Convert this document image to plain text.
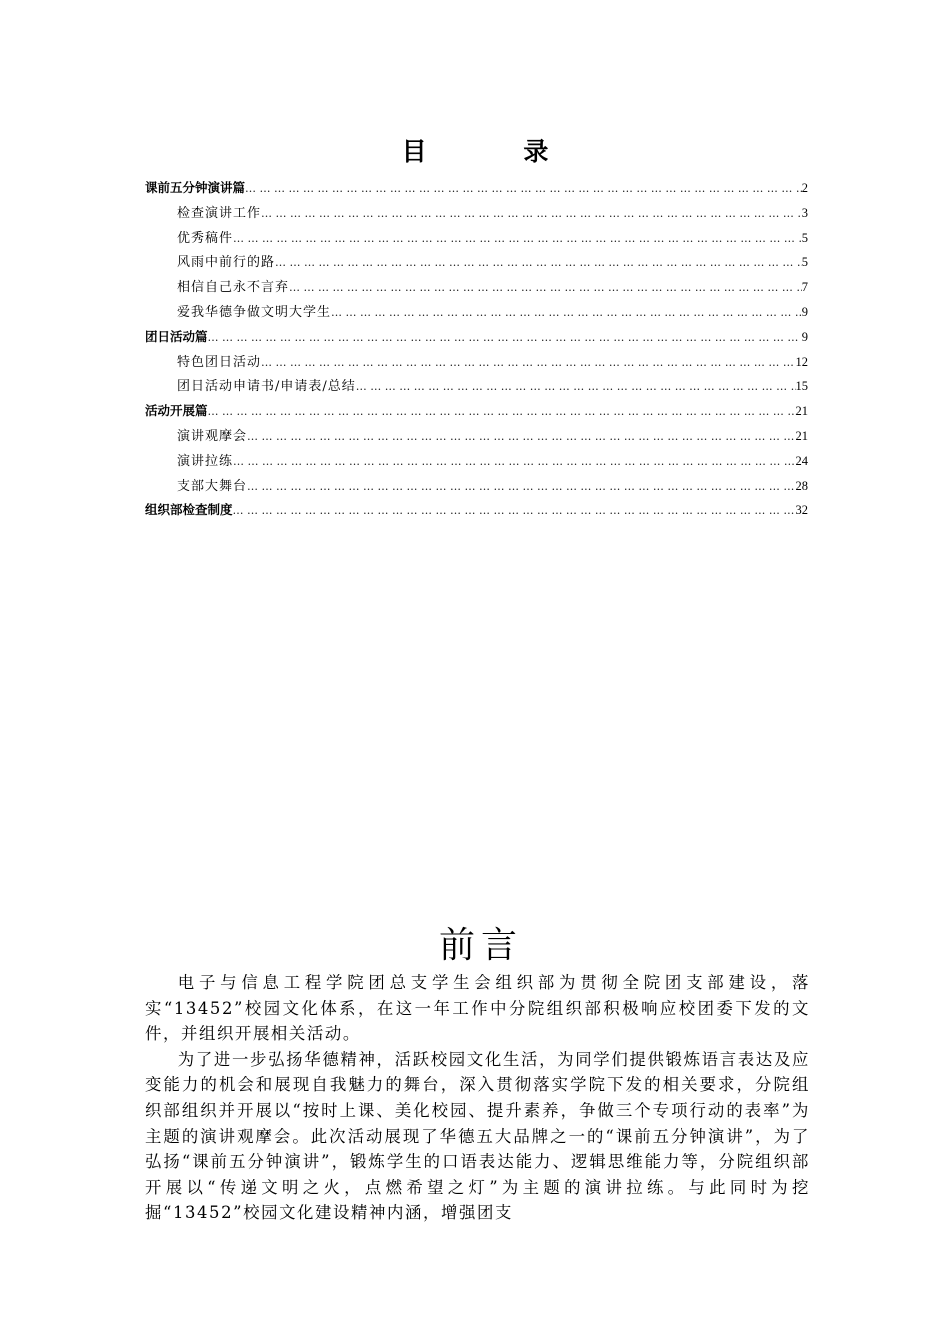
目 录
课前五分钟演讲篇 … … … … … … … … … … … … … … … … … … … … … … … … … … … … … … … … … … … … … … … … … … … … … … … … … … … … … … … … … … … … … … … … … … … … … … … … … …	2
检查演讲工作 … … … … … … … … … … … … … … … … … … … … … … … … … … … … … … … … … … … … … … … … … … … … … … … … … … … … … … … … … … … … … … … … … … … … … … … … … …	3
优秀稿件 … … … … … … … … … … … … … … … … … … … … … … … … … … … … … … … … … … … … … … … … … … … … … … … … … … … … … … … … … … … … … … … … … … … … … … … … … …	5
风雨中前行的路 … … … … … … … … … … … … … … … … … … … … … … … … … … … … … … … … … … … … … … … … … … … … … … … … … … … … … … … … … … … … … … … … … … … … … … … … … …	5
相信自己永不言弃 … … … … … … … … … … … … … … … … … … … … … … … … … … … … … … … … … … … … … … … … … … … … … … … … … … … … … … … … … … … … … … … … … … … … … … … … … …	7
爱我华德争做文明大学生 … … … … … … … … … … … … … … … … … … … … … … … … … … … … … … … … … … … … … … … … … … … … … … … … … … … … … … … … … … … … … … … … … … … … … … … … … …	9
团日活动篇 … … … … … … … … … … … … … … … … … … … … … … … … … … … … … … … … … … … … … … … … … … … … … … … … … … … … … … … … … … … … … … … … … … … … … … … … … …	9
特色团日活动 … … … … … … … … … … … … … … … … … … … … … … … … … … … … … … … … … … … … … … … … … … … … … … … … … … … … … … … … … … … … … … … … … … … … … … … … … …	12
团日活动申请书/申请表/总结 … … … … … … … … … … … … … … … … … … … … … … … … … … … … … … … … … … … … … … … … … … … … … … … … … … … … … … … … … … … … … … … … … … … … … … … … … …	15
活动开展篇 … … … … … … … … … … … … … … … … … … … … … … … … … … … … … … … … … … … … … … … … … … … … … … … … … … … … … … … … … … … … … … … … … … … … … … … … … …	21
演讲观摩会 … … … … … … … … … … … … … … … … … … … … … … … … … … … … … … … … … … … … … … … … … … … … … … … … … … … … … … … … … … … … … … … … … … … … … … … … … …	21
演讲拉练 … … … … … … … … … … … … … … … … … … … … … … … … … … … … … … … … … … … … … … … … … … … … … … … … … … … … … … … … … … … … … … … … … … … … … … … … … …	24
支部大舞台 … … … … … … … … … … … … … … … … … … … … … … … … … … … … … … … … … … … … … … … … … … … … … … … … … … … … … … … … … … … … … … … … … … … … … … … … … …	28
组织部检查制度 … … … … … … … … … … … … … … … … … … … … … … … … … … … … … … … … … … … … … … … … … … … … … … … … … … … … … … … … … … … … … … … … … … … … … … … … … …	32
前言

电子与信息工程学院团总支学生会组织部为贯彻全院团支部建设，落实“13452”校园文化体系，在这一年工作中分院组织部积极响应校团委下发的文件，并组织开展相关活动。

为了进一步弘扬华德精神，活跃校园文化生活，为同学们提供锻炼语言表达及应变能力的机会和展现自我魅力的舞台，深入贯彻落实学院下发的相关要求，分院组织部组织并开展以“按时上课、美化校园、提升素养，争做三个专项行动的表率”为主题的演讲观摩会。此次活动展现了华德五大品牌之一的“课前五分钟演讲”，为了弘扬“课前五分钟演讲”，锻炼学生的口语表达能力、逻辑思维能力等，分院组织部开展以“传递文明之火，点燃希望之灯”为主题的演讲拉练。与此同时为挖掘“13452”校园文化建设精神内涵，增强团支
